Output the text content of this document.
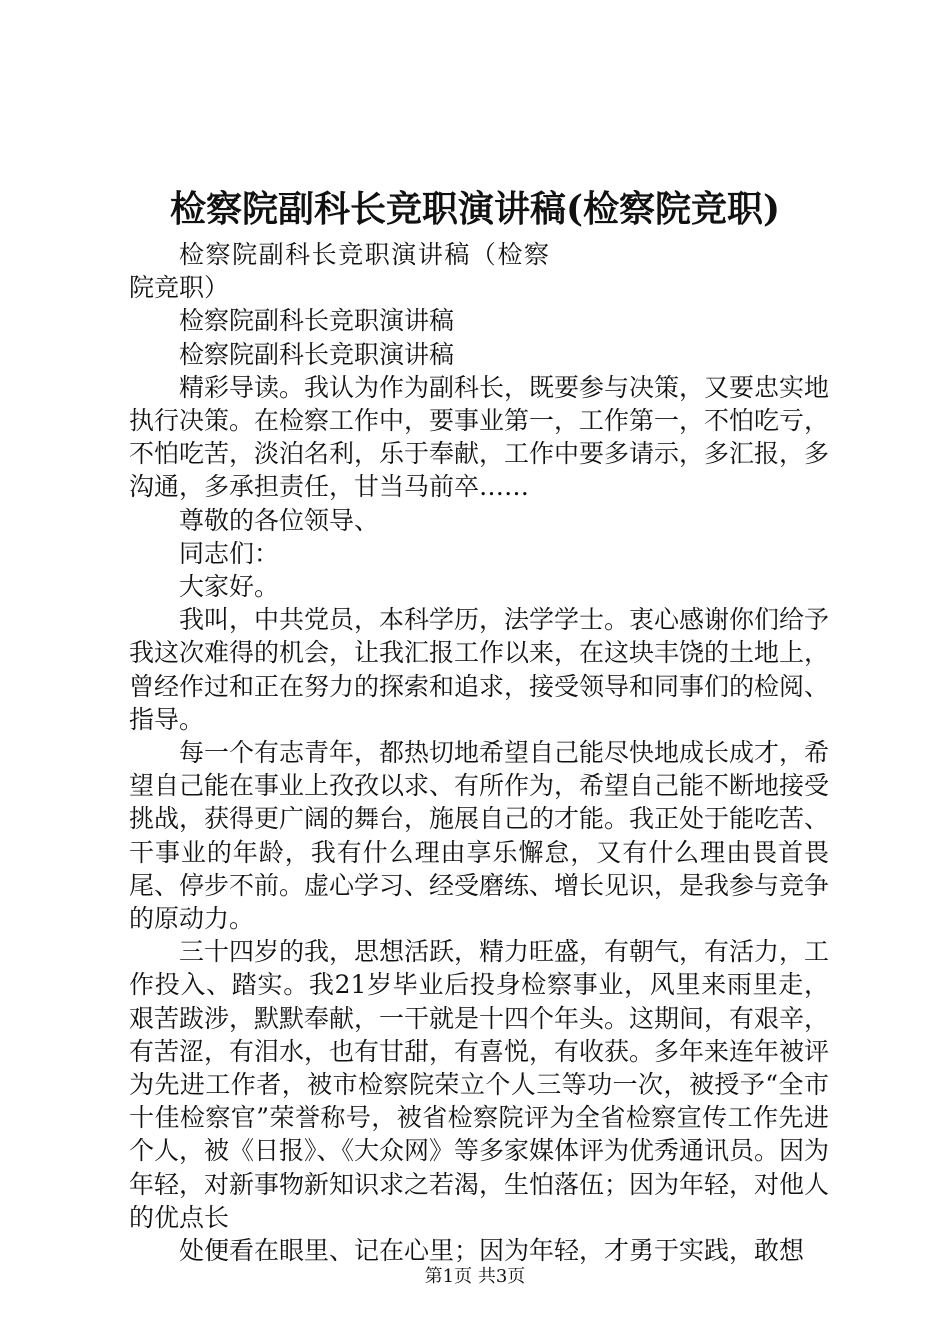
检察院副科长竞职演讲稿(检察院竞职)

检察院副科长竞职演讲稿（检察院竞职）

检察院副科长竞职演讲稿

检察院副科长竞职演讲稿

精彩导读。我认为作为副科长，既要参与决策，又要忠实地执行决策。在检察工作中，要事业第一，工作第一，不怕吃亏，不怕吃苦，淡泊名利，乐于奉献，工作中要多请示，多汇报，多沟通，多承担责任，甘当马前卒……

尊敬的各位领导、

同志们：

大家好。

我叫，中共党员，本科学历，法学学士。衷心感谢你们给予我这次难得的机会，让我汇报工作以来，在这块丰饶的土地上，曾经作过和正在努力的探索和追求，接受领导和同事们的检阅、指导。

每一个有志青年，都热切地希望自己能尽快地成长成才，希望自己能在事业上孜孜以求、有所作为，希望自己能不断地接受挑战，获得更广阔的舞台，施展自己的才能。我正处于能吃苦、干事业的年龄，我有什么理由享乐懈怠，又有什么理由畏首畏尾、停步不前。虚心学习、经受磨练、增长见识，是我参与竞争的原动力。

三十四岁的我，思想活跃，精力旺盛，有朝气，有活力，工作投入、踏实。我21岁毕业后投身检察事业，风里来雨里走，艰苦跋涉，默默奉献，一干就是十四个年头。这期间，有艰辛，有苦涩，有泪水，也有甘甜，有喜悦，有收获。多年来连年被评为先进工作者，被市检察院荣立个人三等功一次，被授予“全市十佳检察官”荣誉称号，被省检察院评为全省检察宣传工作先进个人，被《日报》、《大众网》等多家媒体评为优秀通讯员。因为年轻，对新事物新知识求之若渴，生怕落伍；因为年轻，对他人的优点长

处便看在眼里、记在心里；因为年轻，才勇于实践，敢想

第1页 共3页
